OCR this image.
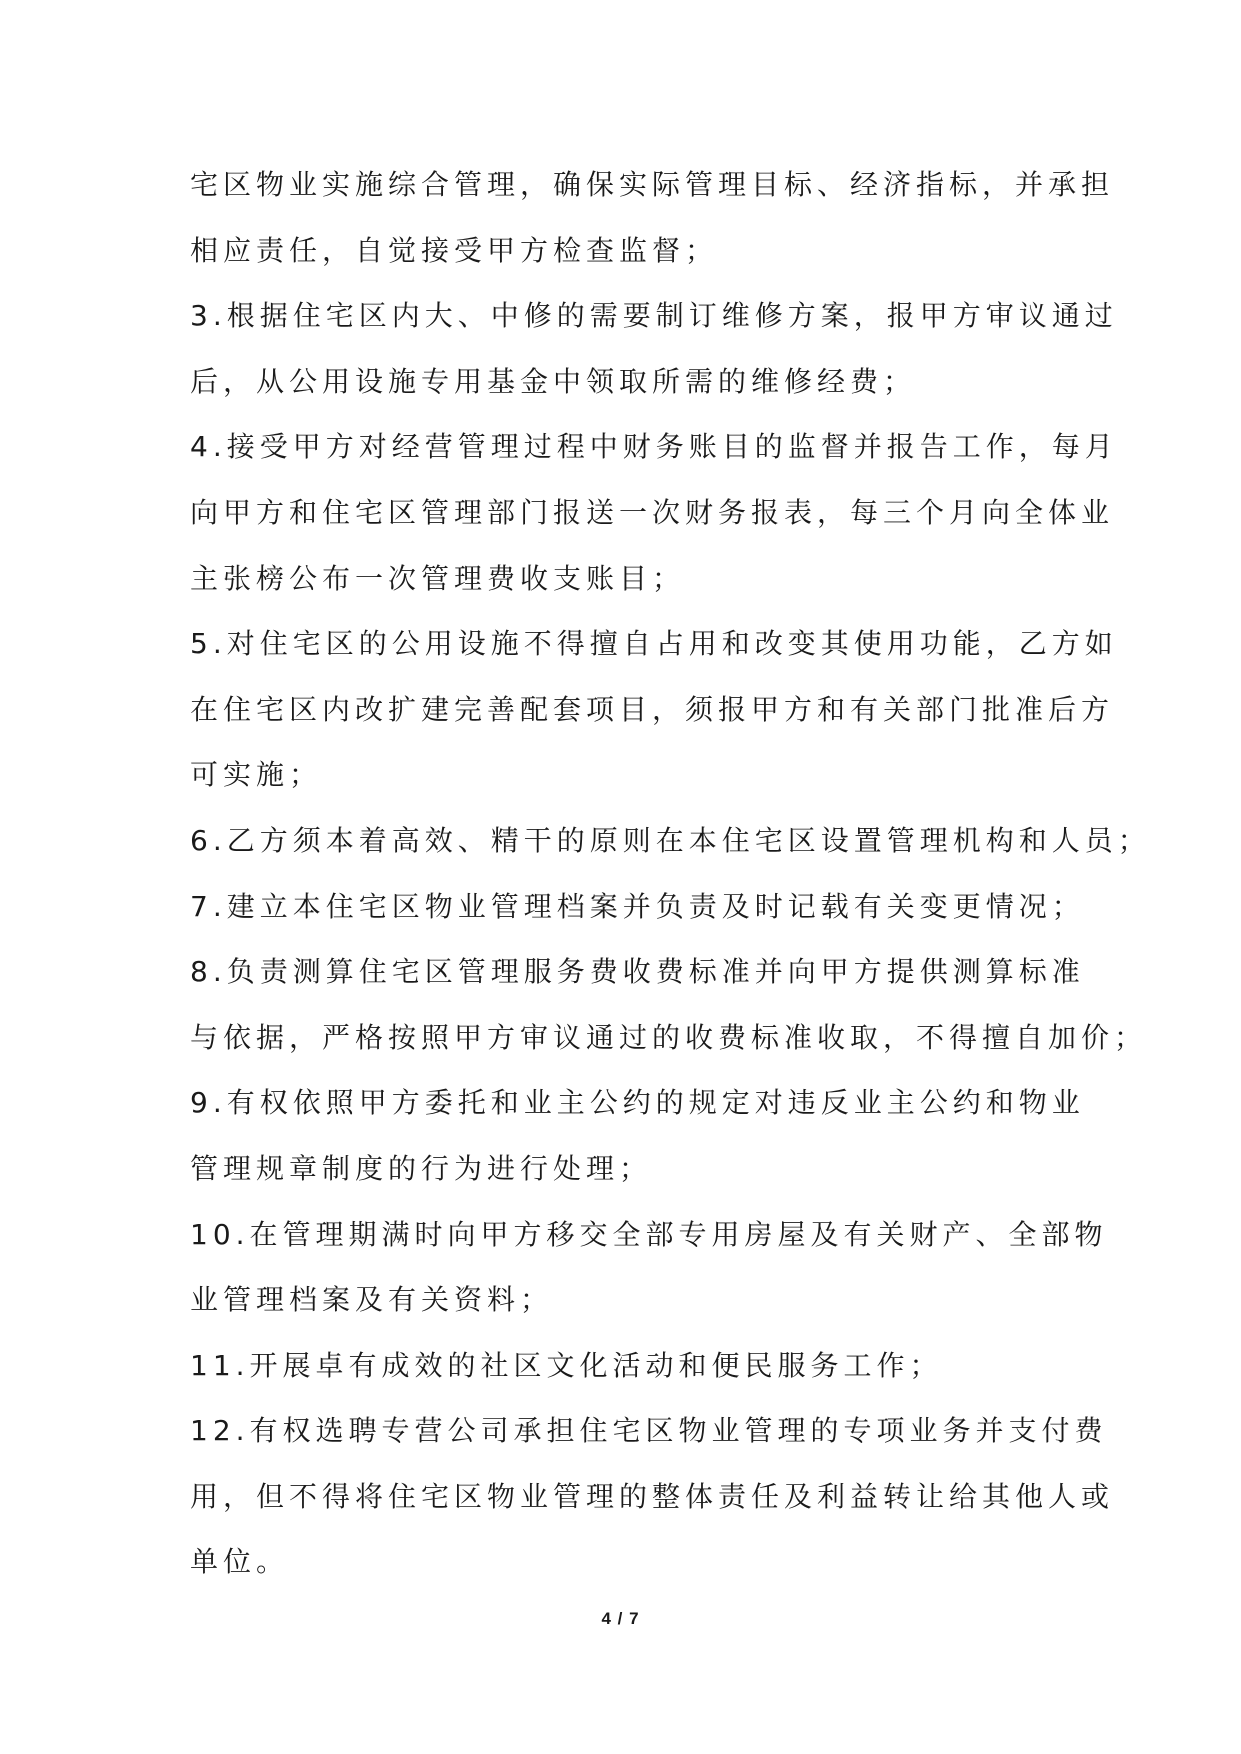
宅区物业实施综合管理，确保实际管理目标、经济指标，并承担
相应责任，自觉接受甲方检查监督；
3.根据住宅区内大、中修的需要制订维修方案，报甲方审议通过
后，从公用设施专用基金中领取所需的维修经费；
4.接受甲方对经营管理过程中财务账目的监督并报告工作，每月
向甲方和住宅区管理部门报送一次财务报表，每三个月向全体业
主张榜公布一次管理费收支账目；
5.对住宅区的公用设施不得擅自占用和改变其使用功能，乙方如
在住宅区内改扩建完善配套项目，须报甲方和有关部门批准后方
可实施；
6.乙方须本着高效、精干的原则在本住宅区设置管理机构和人员；
7.建立本住宅区物业管理档案并负责及时记载有关变更情况；
8.负责测算住宅区管理服务费收费标准并向甲方提供测算标准
与依据，严格按照甲方审议通过的收费标准收取，不得擅自加价；
9.有权依照甲方委托和业主公约的规定对违反业主公约和物业
管理规章制度的行为进行处理；
10.在管理期满时向甲方移交全部专用房屋及有关财产、全部物
业管理档案及有关资料；
11.开展卓有成效的社区文化活动和便民服务工作；
12.有权选聘专营公司承担住宅区物业管理的专项业务并支付费
用，但不得将住宅区物业管理的整体责任及利益转让给其他人或
单位。
4 / 7
